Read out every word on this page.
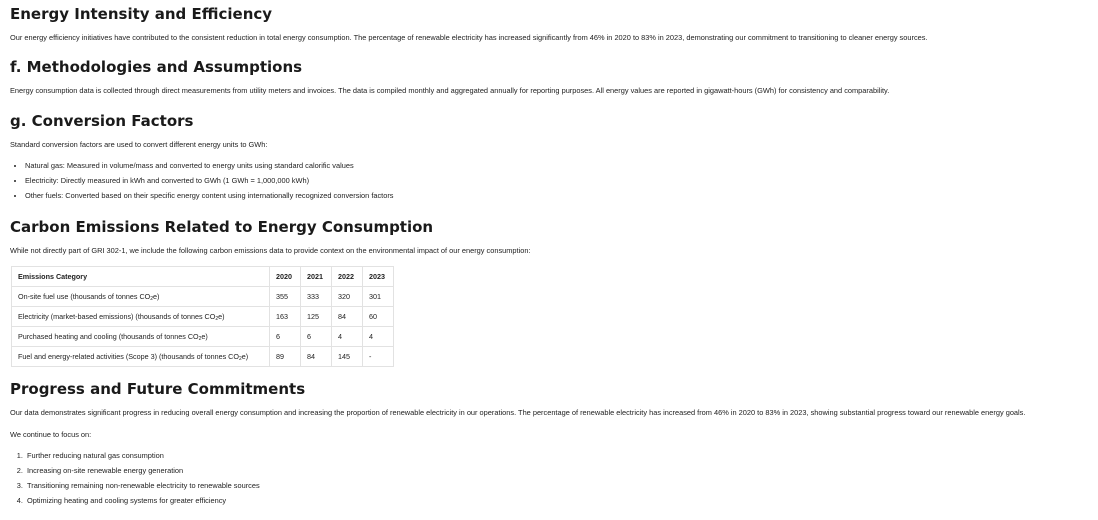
Energy Intensity and Efficiency

Our energy efficiency initiatives have contributed to the consistent reduction in total energy consumption. The percentage of renewable electricity has increased significantly from 46% in 2020 to 83% in 2023, demonstrating our commitment to transitioning to cleaner energy sources.

f. Methodologies and Assumptions

Energy consumption data is collected through direct measurements from utility meters and invoices. The data is compiled monthly and aggregated annually for reporting purposes. All energy values are reported in gigawatt-hours (GWh) for consistency and comparability.

g. Conversion Factors

Standard conversion factors are used to convert different energy units to GWh:

• Natural gas: Measured in volume/mass and converted to energy units using standard calorific values
• Electricity: Directly measured in kWh and converted to GWh (1 GWh = 1,000,000 kWh)
• Other fuels: Converted based on their specific energy content using internationally recognized conversion factors
Carbon Emissions Related to Energy Consumption

While not directly part of GRI 302-1, we include the following carbon emissions data to provide context on the environmental impact of our energy consumption:

Emissions Category	2020	2021	2022	2023
On-site fuel use (thousands of tonnes $CO_2e$)	355	333	320	301
Electricity (market-based emissions) (thousands of tonnes $CO_2e$)	163	125	84	60
Purchased heating and cooling (thousands of tonnes $CO_2e$)	6	6	4	4
Fuel and energy-related activities (Scope 3) (thousands of tonnes $CO_2e$)	89	84	145	-
Progress and Future Commitments

Our data demonstrates significant progress in reducing overall energy consumption and increasing the proportion of renewable electricity in our operations. The percentage of renewable electricity has increased from 46% in 2020 to 83% in 2023, showing substantial progress toward our renewable energy goals.

We continue to focus on:

1. Further reducing natural gas consumption
2. Increasing on-site renewable energy generation
3. Transitioning remaining non-renewable electricity to renewable sources
4. Optimizing heating and cooling systems for greater efficiency
